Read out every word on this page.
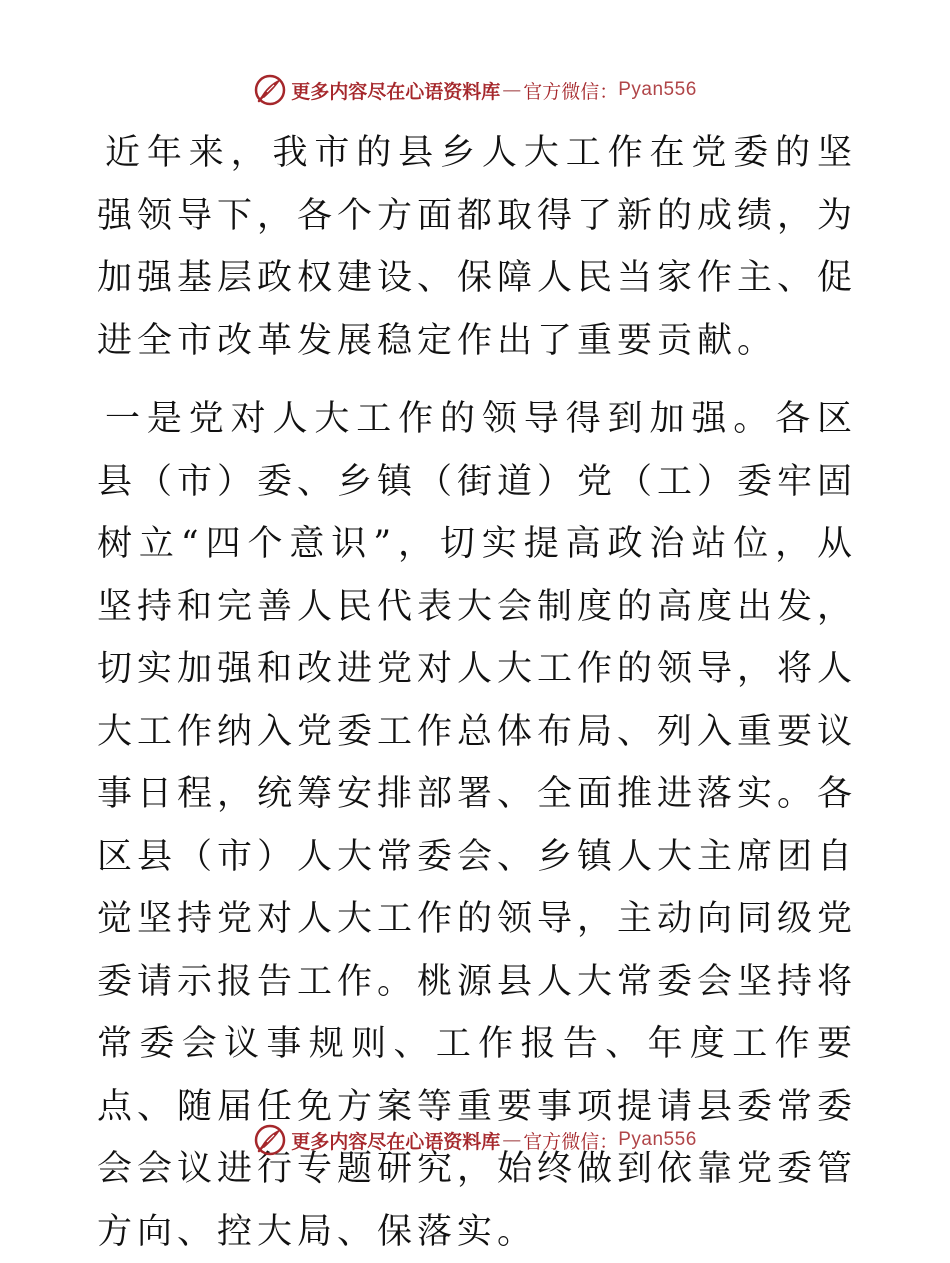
更多内容尽在心语资料库 — 官方微信： Pyan556

近年来，我市的县乡人大工作在党委的坚强领导下，各个方面都取得了新的成绩，为加强基层政权建设、保障人民当家作主、促进全市改革发展稳定作出了重要贡献。

一是党对人大工作的领导得到加强。各区县（市）委、乡镇（街道）党（工）委牢固树立“四个意识”，切实提高政治站位，从坚持和完善人民代表大会制度的高度出发，切实加强和改进党对人大工作的领导，将人大工作纳入党委工作总体布局、列入重要议事日程，统筹安排部署、全面推进落实。各区县（市）人大常委会、乡镇人大主席团自觉坚持党对人大工作的领导，主动向同级党委请示报告工作。桃源县人大常委会坚持将常委会议事规则、工作报告、年度工作要点、随届任免方案等重要事项提请县委常委会会议进行专题研究，始终做到依靠党委管方向、控大局、保落实。

更多内容尽在心语资料库 — 官方微信： Pyan556
